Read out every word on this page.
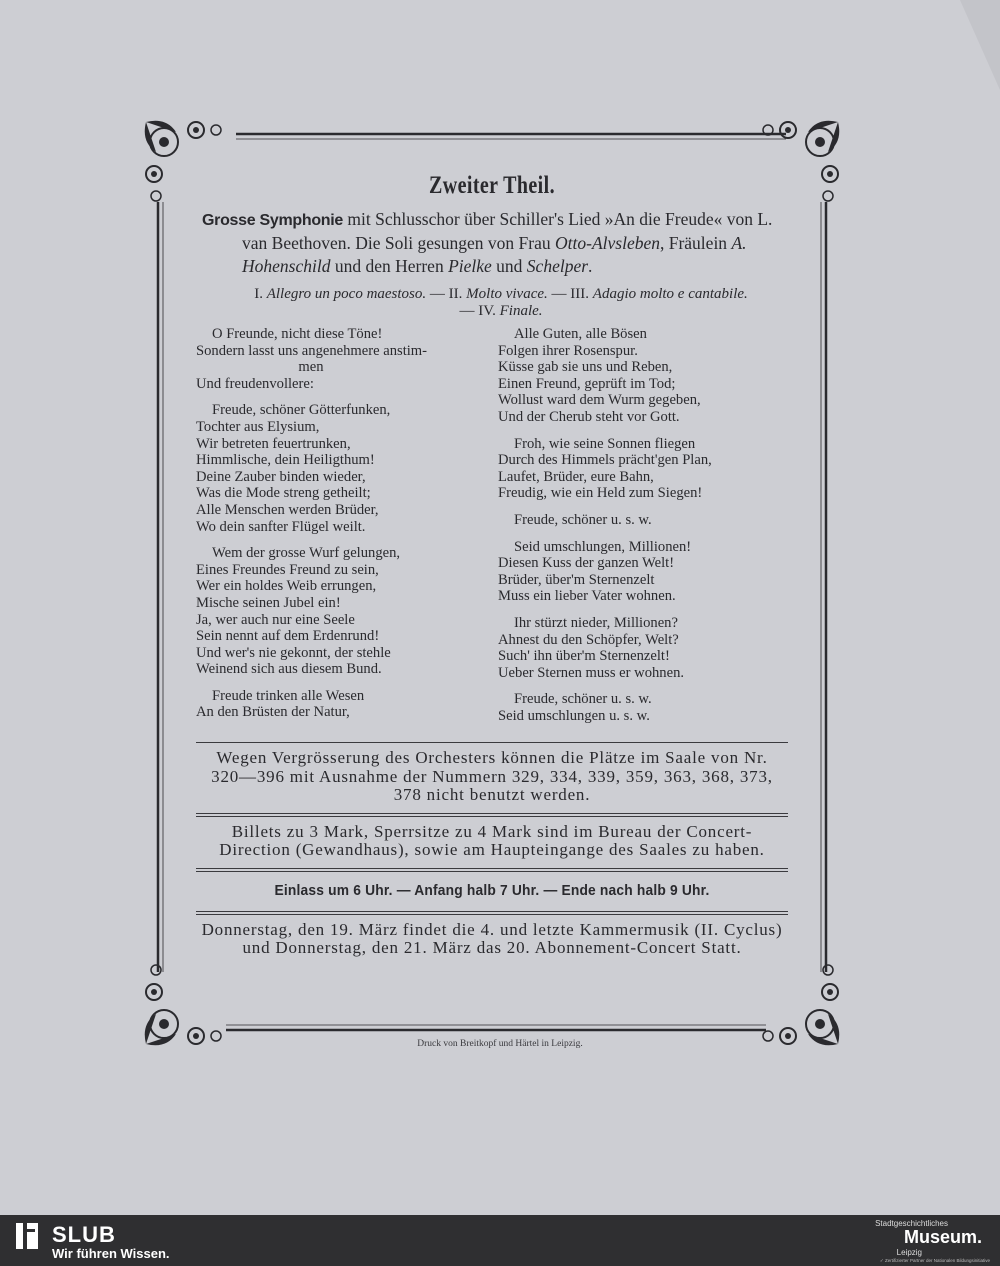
Zweiter Theil.
Grosse Symphonie mit Schlusschor über Schiller's Lied »An die Freude« von L. van Beethoven. Die Soli gesungen von Frau Otto-Alvsleben, Fräulein A. Hohenschild und den Herren Pielke und Schelper.
I. Allegro un poco maestoso. — II. Molto vivace. — III. Adagio molto e cantabile.
— IV. Finale.
O Freunde, nicht diese Töne!
Sondern lasst uns angenehmere anstim-
men
Und freudenvollere:
Freude, schöner Götterfunken,
Tochter aus Elysium,
Wir betreten feuertrunken,
Himmlische, dein Heiligthum!
Deine Zauber binden wieder,
Was die Mode streng getheilt;
Alle Menschen werden Brüder,
Wo dein sanfter Flügel weilt.
Wem der grosse Wurf gelungen,
Eines Freundes Freund zu sein,
Wer ein holdes Weib errungen,
Mische seinen Jubel ein!
Ja, wer auch nur eine Seele
Sein nennt auf dem Erdenrund!
Und wer's nie gekonnt, der stehle
Weinend sich aus diesem Bund.
Freude trinken alle Wesen
An den Brüsten der Natur,
Alle Guten, alle Bösen
Folgen ihrer Rosenspur.
Küsse gab sie uns und Reben,
Einen Freund, geprüft im Tod;
Wollust ward dem Wurm gegeben,
Und der Cherub steht vor Gott.
Froh, wie seine Sonnen fliegen
Durch des Himmels prächt'gen Plan,
Laufet, Brüder, eure Bahn,
Freudig, wie ein Held zum Siegen!
Freude, schöner u. s. w.
Seid umschlungen, Millionen!
Diesen Kuss der ganzen Welt!
Brüder, über'm Sternenzelt
Muss ein lieber Vater wohnen.
Ihr stürzt nieder, Millionen?
Ahnest du den Schöpfer, Welt?
Such' ihn über'm Sternenzelt!
Ueber Sternen muss er wohnen.
Freude, schöner u. s. w.
Seid umschlungen u. s. w.
Wegen Vergrösserung des Orchesters können die Plätze im Saale von Nr. 320—396 mit Ausnahme der Nummern 329, 334, 339, 359, 363, 368, 373, 378 nicht benutzt werden.
Billets zu 3 Mark, Sperrsitze zu 4 Mark sind im Bureau der Concert-Direction (Gewandhaus), sowie am Haupteingange des Saales zu haben.
Einlass um 6 Uhr. — Anfang halb 7 Uhr. — Ende nach halb 9 Uhr.
Donnerstag, den 19. März findet die 4. und letzte Kammermusik (II. Cyclus) und Donnerstag, den 21. März das 20. Abonnement-Concert Statt.
Druck von Breitkopf und Härtel in Leipzig.
SLUB
Wir führen Wissen.
Stadtgeschichtliches
Museum.
Leipzig
✓ Zertifizierter Partner der Nationalen Bildungsinitiative
